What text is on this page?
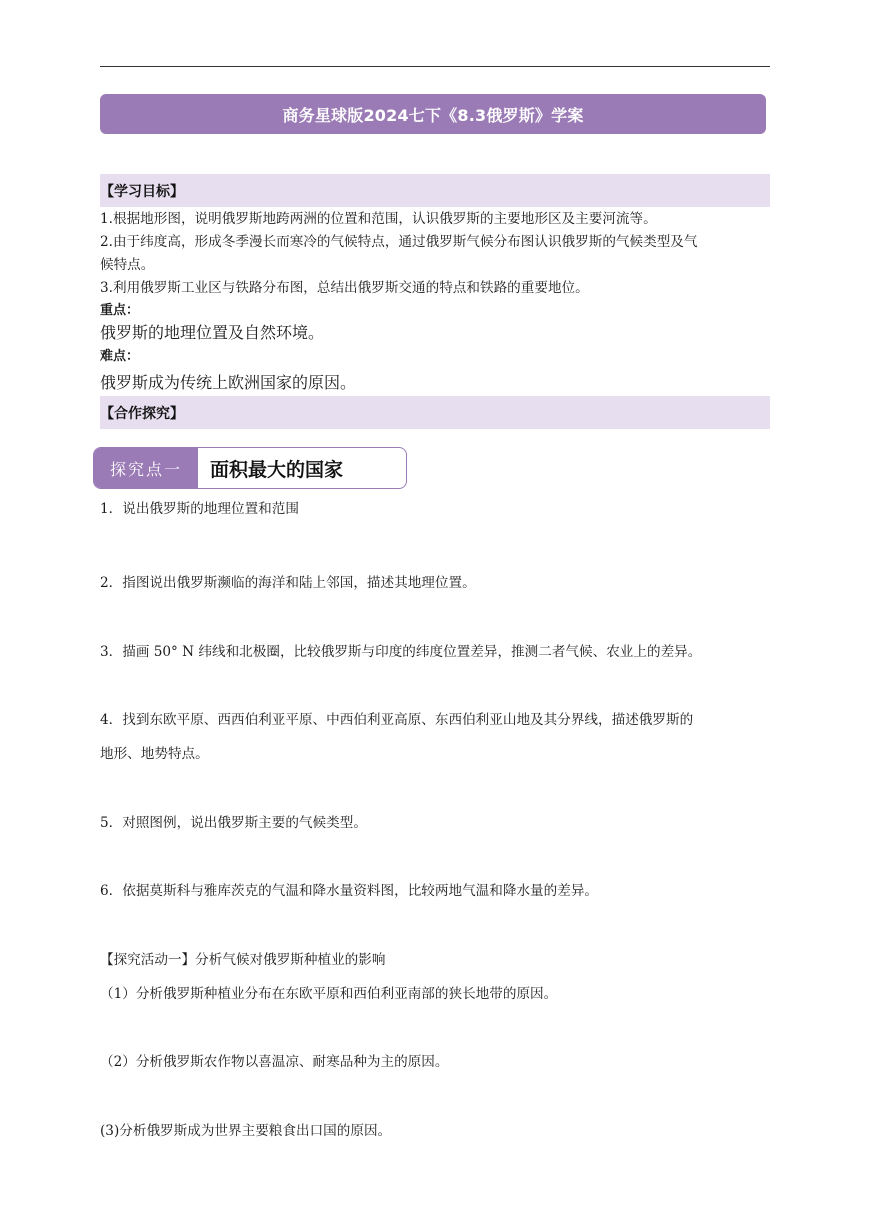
商务星球版2024七下《8.3俄罗斯》学案
【学习目标】
1.根据地形图，说明俄罗斯地跨两洲的位置和范围，认识俄罗斯的主要地形区及主要河流等。
2.由于纬度高，形成冬季漫长而寒冷的气候特点，通过俄罗斯气候分布图认识俄罗斯的气候类型及气
候特点。
3.利用俄罗斯工业区与铁路分布图，总结出俄罗斯交通的特点和铁路的重要地位。
重点：
俄罗斯的地理位置及自然环境。
难点：
俄罗斯成为传统上欧洲国家的原因。
【合作探究】
探究点一	面积最大的国家
1．说出俄罗斯的地理位置和范围
2．指图说出俄罗斯濒临的海洋和陆上邻国，描述其地理位置。
3．描画 50° N 纬线和北极圈，比较俄罗斯与印度的纬度位置差异，推测二者气候、农业上的差异。
4．找到东欧平原、西西伯利亚平原、中西伯利亚高原、东西伯利亚山地及其分界线，描述俄罗斯的
地形、地势特点。
5．对照图例，说出俄罗斯主要的气候类型。
6．依据莫斯科与雅库茨克的气温和降水量资料图，比较两地气温和降水量的差异。
【探究活动一】分析气候对俄罗斯种植业的影响
（1）分析俄罗斯种植业分布在东欧平原和西伯利亚南部的狭长地带的原因。
（2）分析俄罗斯农作物以喜温凉、耐寒品种为主的原因。
(3)分析俄罗斯成为世界主要粮食出口国的原因。
